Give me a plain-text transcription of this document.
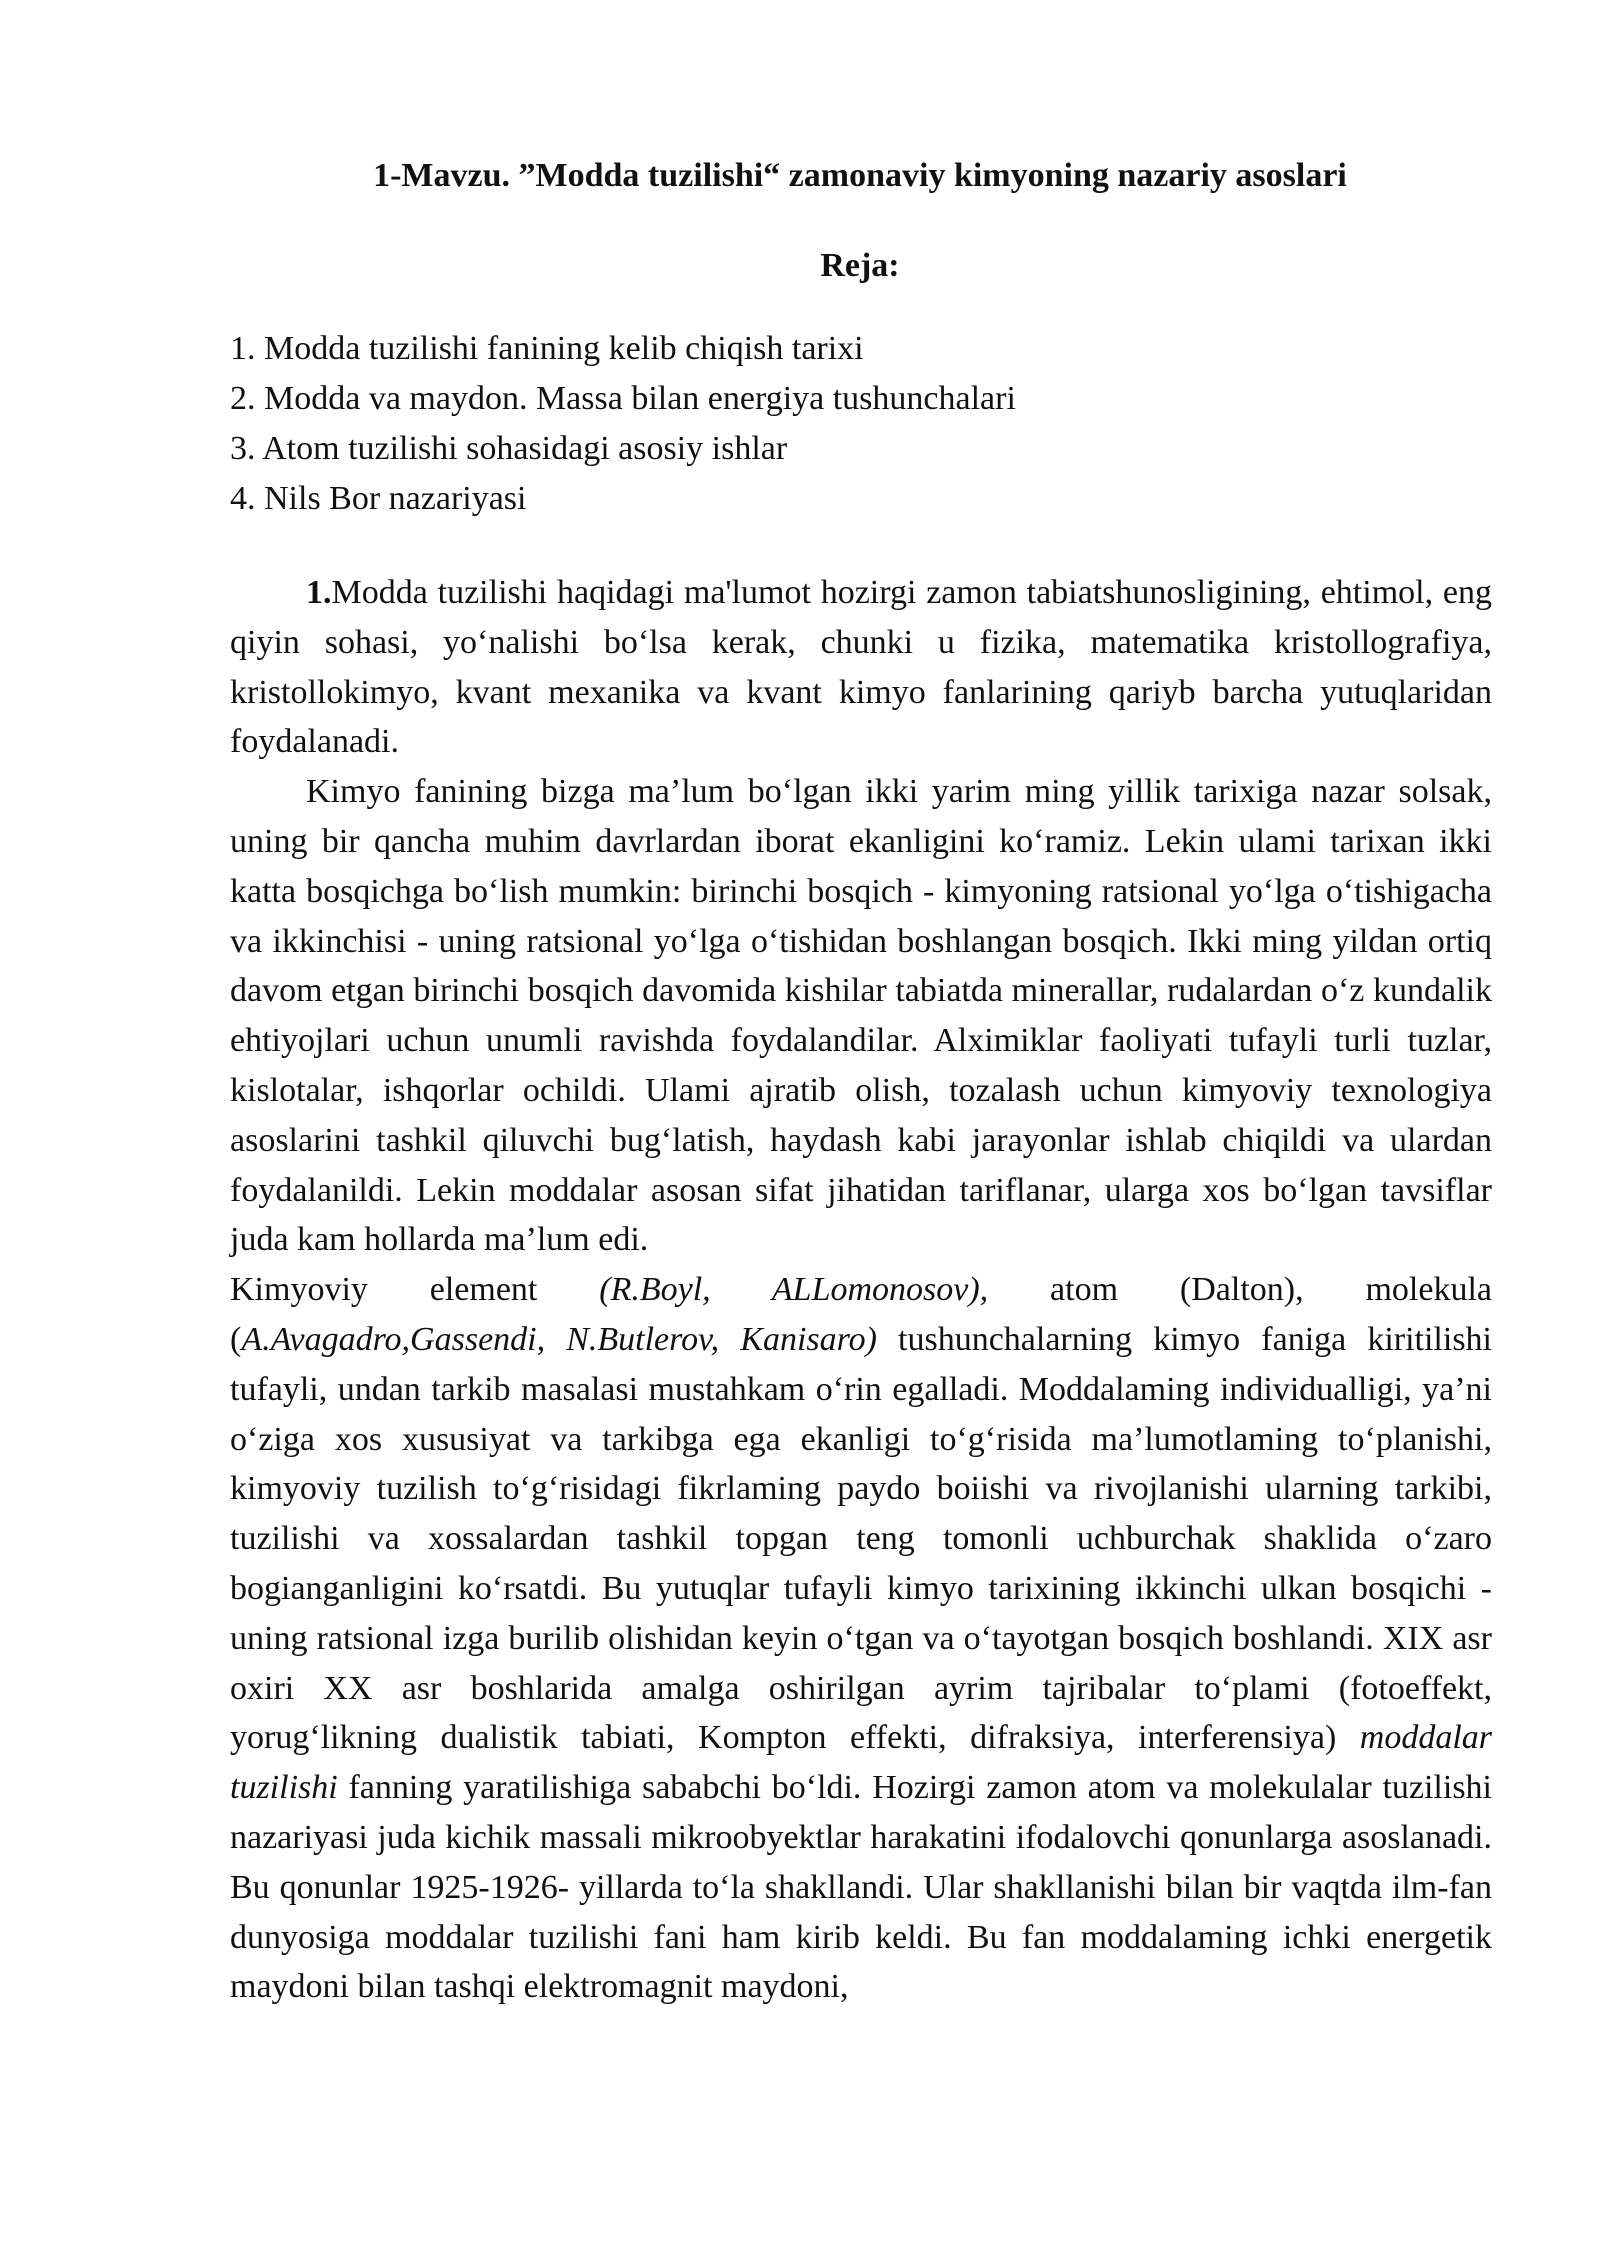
1-Mavzu. ”Modda tuzilishi“ zamonaviy kimyoning nazariy asoslari
Reja:
1. Modda tuzilishi fanining kelib chiqish tarixi
2. Modda va maydon. Massa bilan energiya tushunchalari
3. Atom tuzilishi sohasidagi asosiy ishlar
4. Nils Bor nazariyasi

1.Modda tuzilishi haqidagi ma'lumot hozirgi zamon tabiatshunosligining, ehtimol, eng qiyin sohasi, yo‘nalishi bo‘lsa kerak, chunki u fizika, matematika kristollografiya, kristollokimyo, kvant mexanika va kvant kimyo fanlarining qariyb barcha yutuqlaridan foydalanadi.

Kimyo fanining bizga ma’lum bo‘lgan ikki yarim ming yillik tarixiga nazar solsak, uning bir qancha muhim davrlardan iborat ekanligini ko‘ramiz. Lekin ulami tarixan ikki katta bosqichga bo‘lish mumkin: birinchi bosqich - kimyoning ratsional yo‘lga o‘tishigacha va ikkinchisi - uning ratsional yo‘lga o‘tishidan boshlangan bosqich. Ikki ming yildan ortiq davom etgan birinchi bosqich davomida kishilar tabiatda minerallar, rudalardan o‘z kundalik ehtiyojlari uchun unumli ravishda foydalandilar. Alximiklar faoliyati tufayli turli tuzlar, kislotalar, ishqorlar ochildi. Ulami ajratib olish, tozalash uchun kimyoviy texnologiya asoslarini tashkil qiluvchi bug‘latish, haydash kabi jarayonlar ishlab chiqildi va ulardan foydalanildi. Lekin moddalar asosan sifat jihatidan tariflanar, ularga xos bo‘lgan tavsiflar juda kam hollarda ma’lum edi.

Kimyoviy element (R.Boyl, ALLomonosov), atom (Dalton), molekula (A.Avagadro,Gassendi, N.Butlerov, Kanisaro) tushunchalarning kimyo faniga kiritilishi tufayli, undan tarkib masalasi mustahkam o‘rin egalladi. Moddalaming individualligi, ya’ni o‘ziga xos xususiyat va tarkibga ega ekanligi to‘g‘risida ma’lumotlaming to‘planishi, kimyoviy tuzilish to‘g‘risidagi fikrlaming paydo boiishi va rivojlanishi ularning tarkibi, tuzilishi va xossalardan tashkil topgan teng tomonli uchburchak shaklida o‘zaro bogianganligini ko‘rsatdi. Bu yutuqlar tufayli kimyo tarixining ikkinchi ulkan bosqichi - uning ratsional izga burilib olishidan keyin o‘tgan va o‘tayotgan bosqich boshlandi. XIX asr oxiri XX asr boshlarida amalga oshirilgan ayrim tajribalar to‘plami (fotoeffekt, yorug‘likning dualistik tabiati, Kompton effekti, difraksiya, interferensiya) moddalar tuzilishi fanning yaratilishiga sababchi bo‘ldi. Hozirgi zamon atom va molekulalar tuzilishi nazariyasi juda kichik massali mikroobyektlar harakatini ifodalovchi qonunlarga asoslanadi. Bu qonunlar 1925-1926- yillarda to‘la shakllandi. Ular shakllanishi bilan bir vaqtda ilm-fan dunyosiga moddalar tuzilishi fani ham kirib keldi. Bu fan moddalaming ichki energetik maydoni bilan tashqi elektromagnit maydoni,
